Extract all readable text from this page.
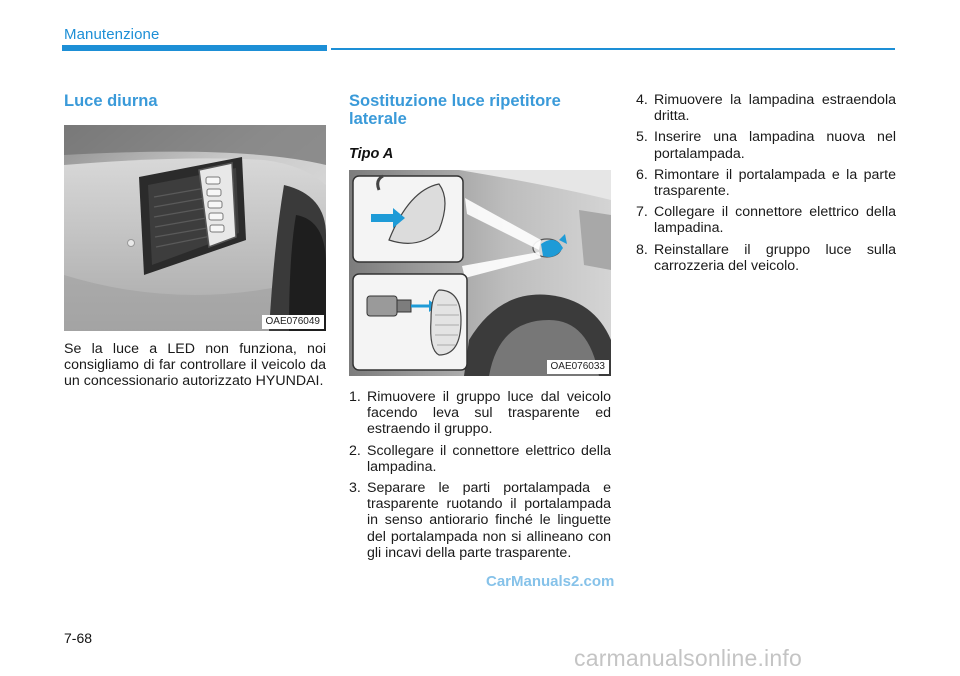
Manutenzione
Luce diurna
OAE076049

Se la luce a LED non funziona, noi consigliamo di far controllare il veicolo da un concessionario autorizzato HYUNDAI.

Sostituzione luce ripetitore laterale
Tipo A
OAE076033
1. Rimuovere il gruppo luce dal veicolo facendo leva sul trasparente ed estraendo il gruppo.
2. Scollegare il connettore elettrico della lampadina.
3. Separare le parti portalampada e trasparente ruotando il portalampada in senso antiorario finché le linguette del portalampada non si allineano con gli incavi della parte trasparente.
4. Rimuovere la lampadina estraendola dritta.
5. Inserire una lampadina nuova nel portalampada.
6. Rimontare il portalampada e la parte trasparente.
7. Collegare il connettore elettrico della lampadina.
8. Reinstallare il gruppo luce sulla carrozzeria del veicolo.
CarManuals2.com
7-68
carmanualsonline.info
